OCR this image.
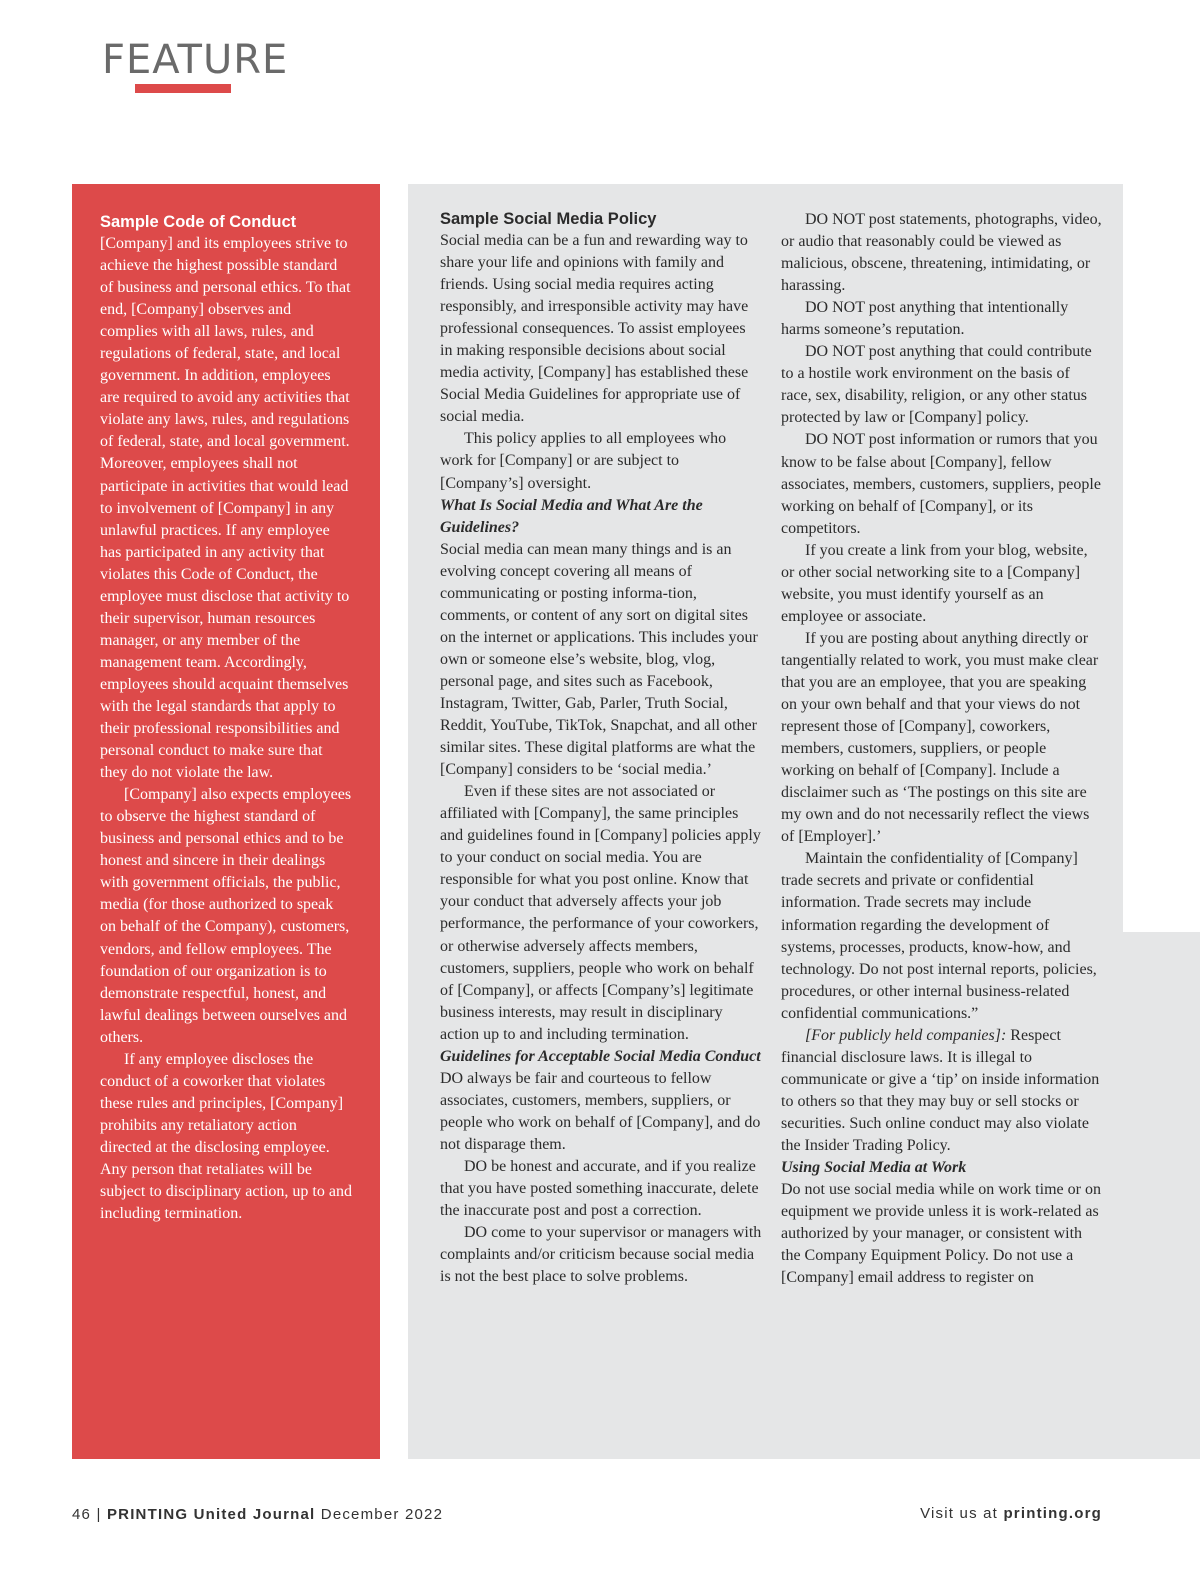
FEATURE
Sample Code of Conduct

[Company] and its employees strive to achieve the highest possible standard of business and personal ethics. To that end, [Company] observes and complies with all laws, rules, and regulations of federal, state, and local government. In addition, employees are required to avoid any activities that violate any laws, rules, and regulations of federal, state, and local government. Moreover, employees shall not participate in activities that would lead to involvement of [Company] in any unlawful practices. If any employee has participated in any activity that violates this Code of Conduct, the employee must disclose that activity to their supervisor, human resources manager, or any member of the management team. Accordingly, employees should acquaint themselves with the legal standards that apply to their professional responsibilities and personal conduct to make sure that they do not violate the law.

[Company] also expects employees to observe the highest standard of business and personal ethics and to be honest and sincere in their dealings with government officials, the public, media (for those authorized to speak on behalf of the Company), customers, vendors, and fellow employees. The foundation of our organization is to demonstrate respectful, honest, and lawful dealings between ourselves and others.

If any employee discloses the conduct of a coworker that violates these rules and principles, [Company] prohibits any retaliatory action directed at the disclosing employee. Any person that retaliates will be subject to disciplinary action, up to and including termination.

Sample Social Media Policy

Social media can be a fun and rewarding way to share your life and opinions with family and friends. Using social media requires acting responsibly, and irresponsible activity may have professional consequences. To assist employees in making responsible decisions about social media activity, [Company] has established these Social Media Guidelines for appropriate use of social media.

This policy applies to all employees who work for [Company] or are subject to [Company’s] oversight.

What Is Social Media and What Are the Guidelines?

Social media can mean many things and is an evolving concept covering all means of communicating or posting informa-tion, comments, or content of any sort on digital sites on the internet or applications. This includes your own or someone else’s website, blog, vlog, personal page, and sites such as Facebook, Instagram, Twitter, Gab, Parler, Truth Social, Reddit, YouTube, TikTok, Snapchat, and all other similar sites. These digital platforms are what the [Company] considers to be ‘social media.’

Even if these sites are not associated or affiliated with [Company], the same principles and guidelines found in [Company] policies apply to your conduct on social media. You are responsible for what you post online. Know that your conduct that adversely affects your job performance, the performance of your coworkers, or otherwise adversely affects members, customers, suppliers, people who work on behalf of [Company], or affects [Company’s] legitimate business interests, may result in disciplinary action up to and including termination.

Guidelines for Acceptable Social Media Conduct

DO always be fair and courteous to fellow associates, customers, members, suppliers, or people who work on behalf of [Company], and do not disparage them.

DO be honest and accurate, and if you realize that you have posted something inaccurate, delete the inaccurate post and post a correction.

DO come to your supervisor or managers with complaints and/or criticism because social media is not the best place to solve problems.

DO NOT post statements, photographs, video, or audio that reasonably could be viewed as malicious, obscene, threatening, intimidating, or harassing.

DO NOT post anything that intentionally harms someone’s reputation.

DO NOT post anything that could contribute to a hostile work environment on the basis of race, sex, disability, religion, or any other status protected by law or [Company] policy.

DO NOT post information or rumors that you know to be false about [Company], fellow associates, members, customers, suppliers, people working on behalf of [Company], or its competitors.

If you create a link from your blog, website, or other social networking site to a [Company] website, you must identify yourself as an employee or associate.

If you are posting about anything directly or tangentially related to work, you must make clear that you are an employee, that you are speaking on your own behalf and that your views do not represent those of [Company], coworkers, members, customers, suppliers, or people working on behalf of [Company]. Include a disclaimer such as ‘The postings on this site are my own and do not necessarily reflect the views of [Employer].’

Maintain the confidentiality of [Company] trade secrets and private or confidential information. Trade secrets may include information regarding the development of systems, processes, products, know-how, and technology. Do not post internal reports, policies, procedures, or other internal business-related confidential communications.”

[For publicly held companies]: Respect financial disclosure laws. It is illegal to communicate or give a ‘tip’ on inside information to others so that they may buy or sell stocks or securities. Such online conduct may also violate the Insider Trading Policy.

Using Social Media at Work

Do not use social media while on work time or on equipment we provide unless it is work-related as authorized by your manager, or consistent with the Company Equipment Policy. Do not use a [Company] email address to register on

46 | PRINTING United Journal December 2022	Visit us at printing.org
